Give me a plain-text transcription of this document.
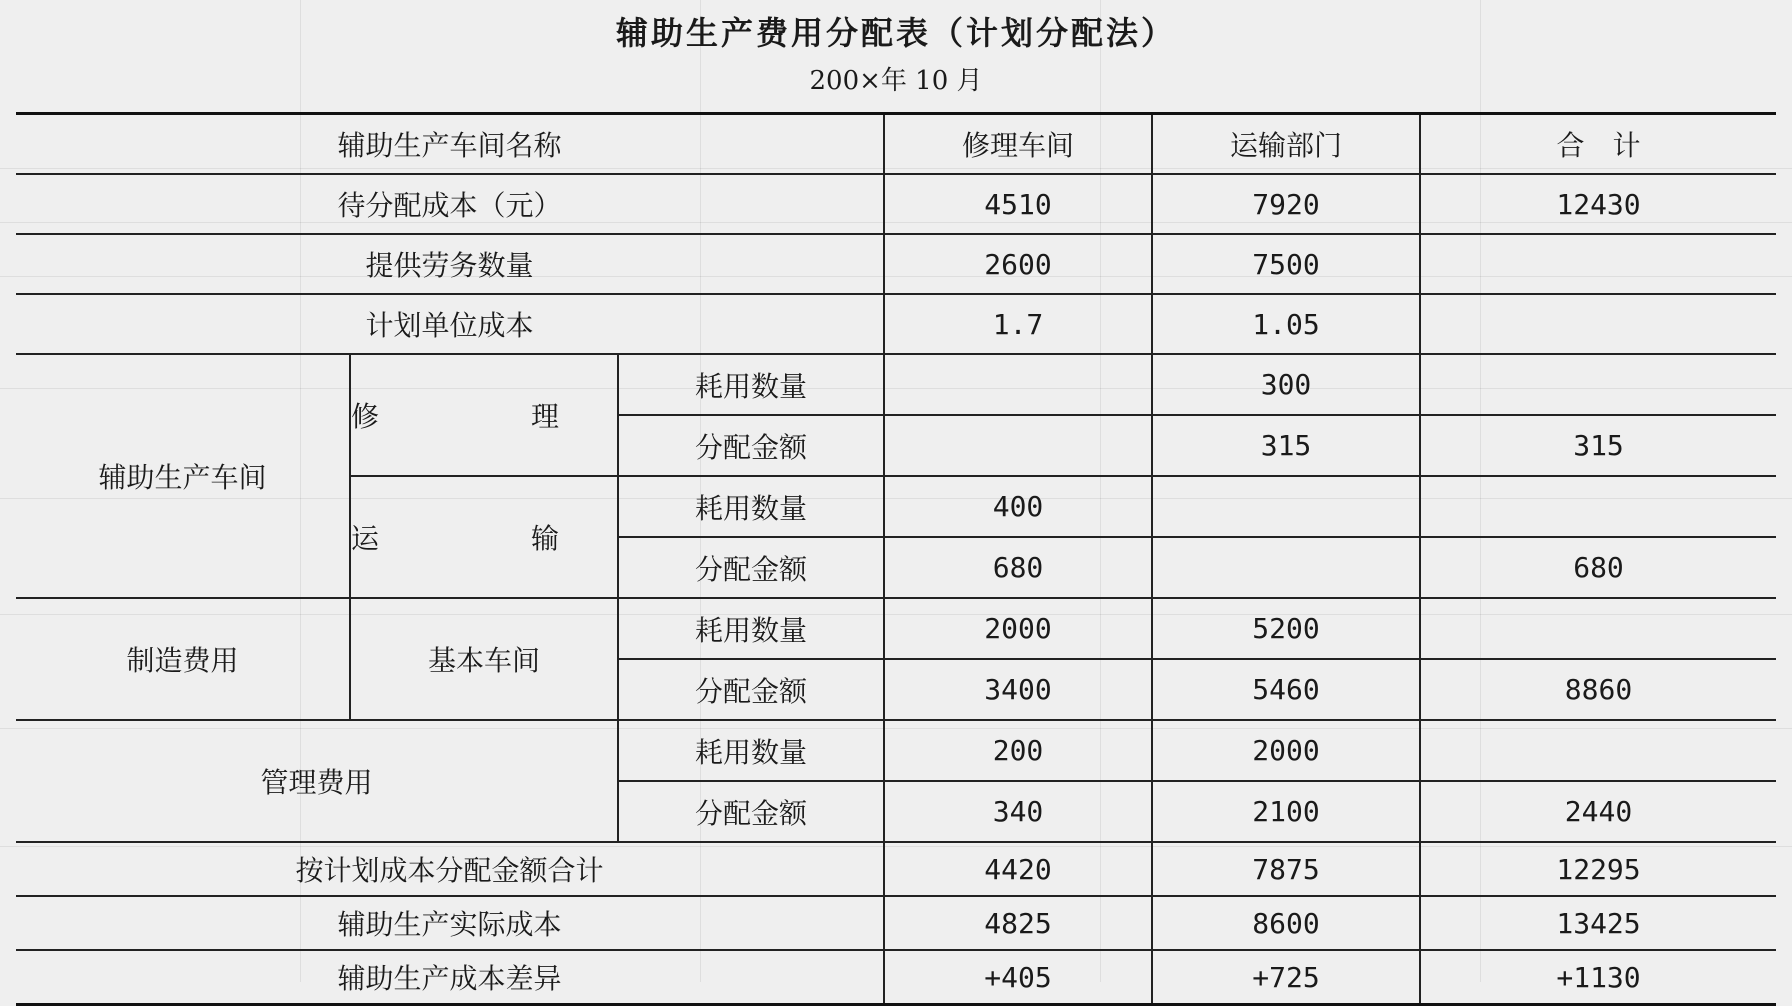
辅助生产费用分配表（计划分配法）
200×年 10 月
辅助生产车间名称			修理车间	运输部门	合　计
待分配成本（元）			4510	7920	12430
提供劳务数量			2600	7500	
计划单位成本			1.7	1.05	
辅助生产车间	修　理	耗用数量		300	
		分配金额		315	315
	运　输	耗用数量	400		
		分配金额	680		680
制造费用	基本车间	耗用数量	2000	5200	
		分配金额	3400	5460	8860
管理费用		耗用数量	200	2000	
		分配金额	340	2100	2440
按计划成本分配金额合计			4420	7875	12295
辅助生产实际成本			4825	8600	13425
辅助生产成本差异			+405	+725	+1130
